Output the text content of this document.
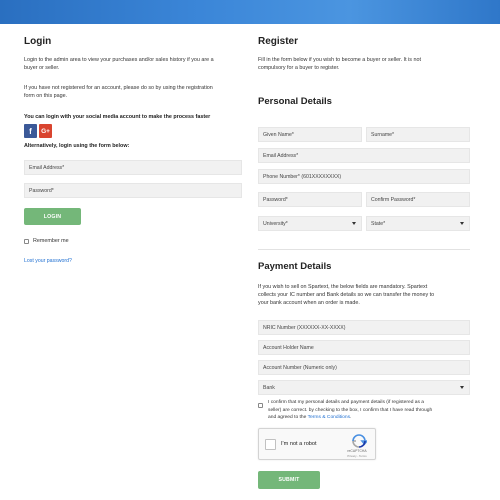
Login
Login to the admin area to view your purchases and/or sales history if you are a
buyer or seller.
If you have not registered for an account, please do so by using the registration
form on this page.
You can login with your social media account to make the process faster
f G+
Alternatively, login using the form below:
Email Address*
Password*
LOGIN
Remember me
Lost your password?
Register
Fill in the form below if you wish to become a buyer or seller. It is not
compulsory for a buyer to register.
Personal Details
Given Name*	Surname*
Email Address*
Phone Number* (601XXXXXXXX)
Password*	Confirm Password*
University*	State*
Payment Details
If you wish to sell on Spartext, the below fields are mandatory. Spartext
collects your IC number and Bank details so we can transfer the money to
your bank account when an order is made.
NRIC Number (XXXXXX-XX-XXXX)
Account Holder Name
Account Number (Numeric only)
Bank
I confirm that my personal details and payment details (if registered as a
seller) are correct. by checking to the box, I confirm that I have read through
and agreed to the Terms & Conditions.
I'm not a robot
reCAPTCHA
Privacy - Terms
SUBMIT
